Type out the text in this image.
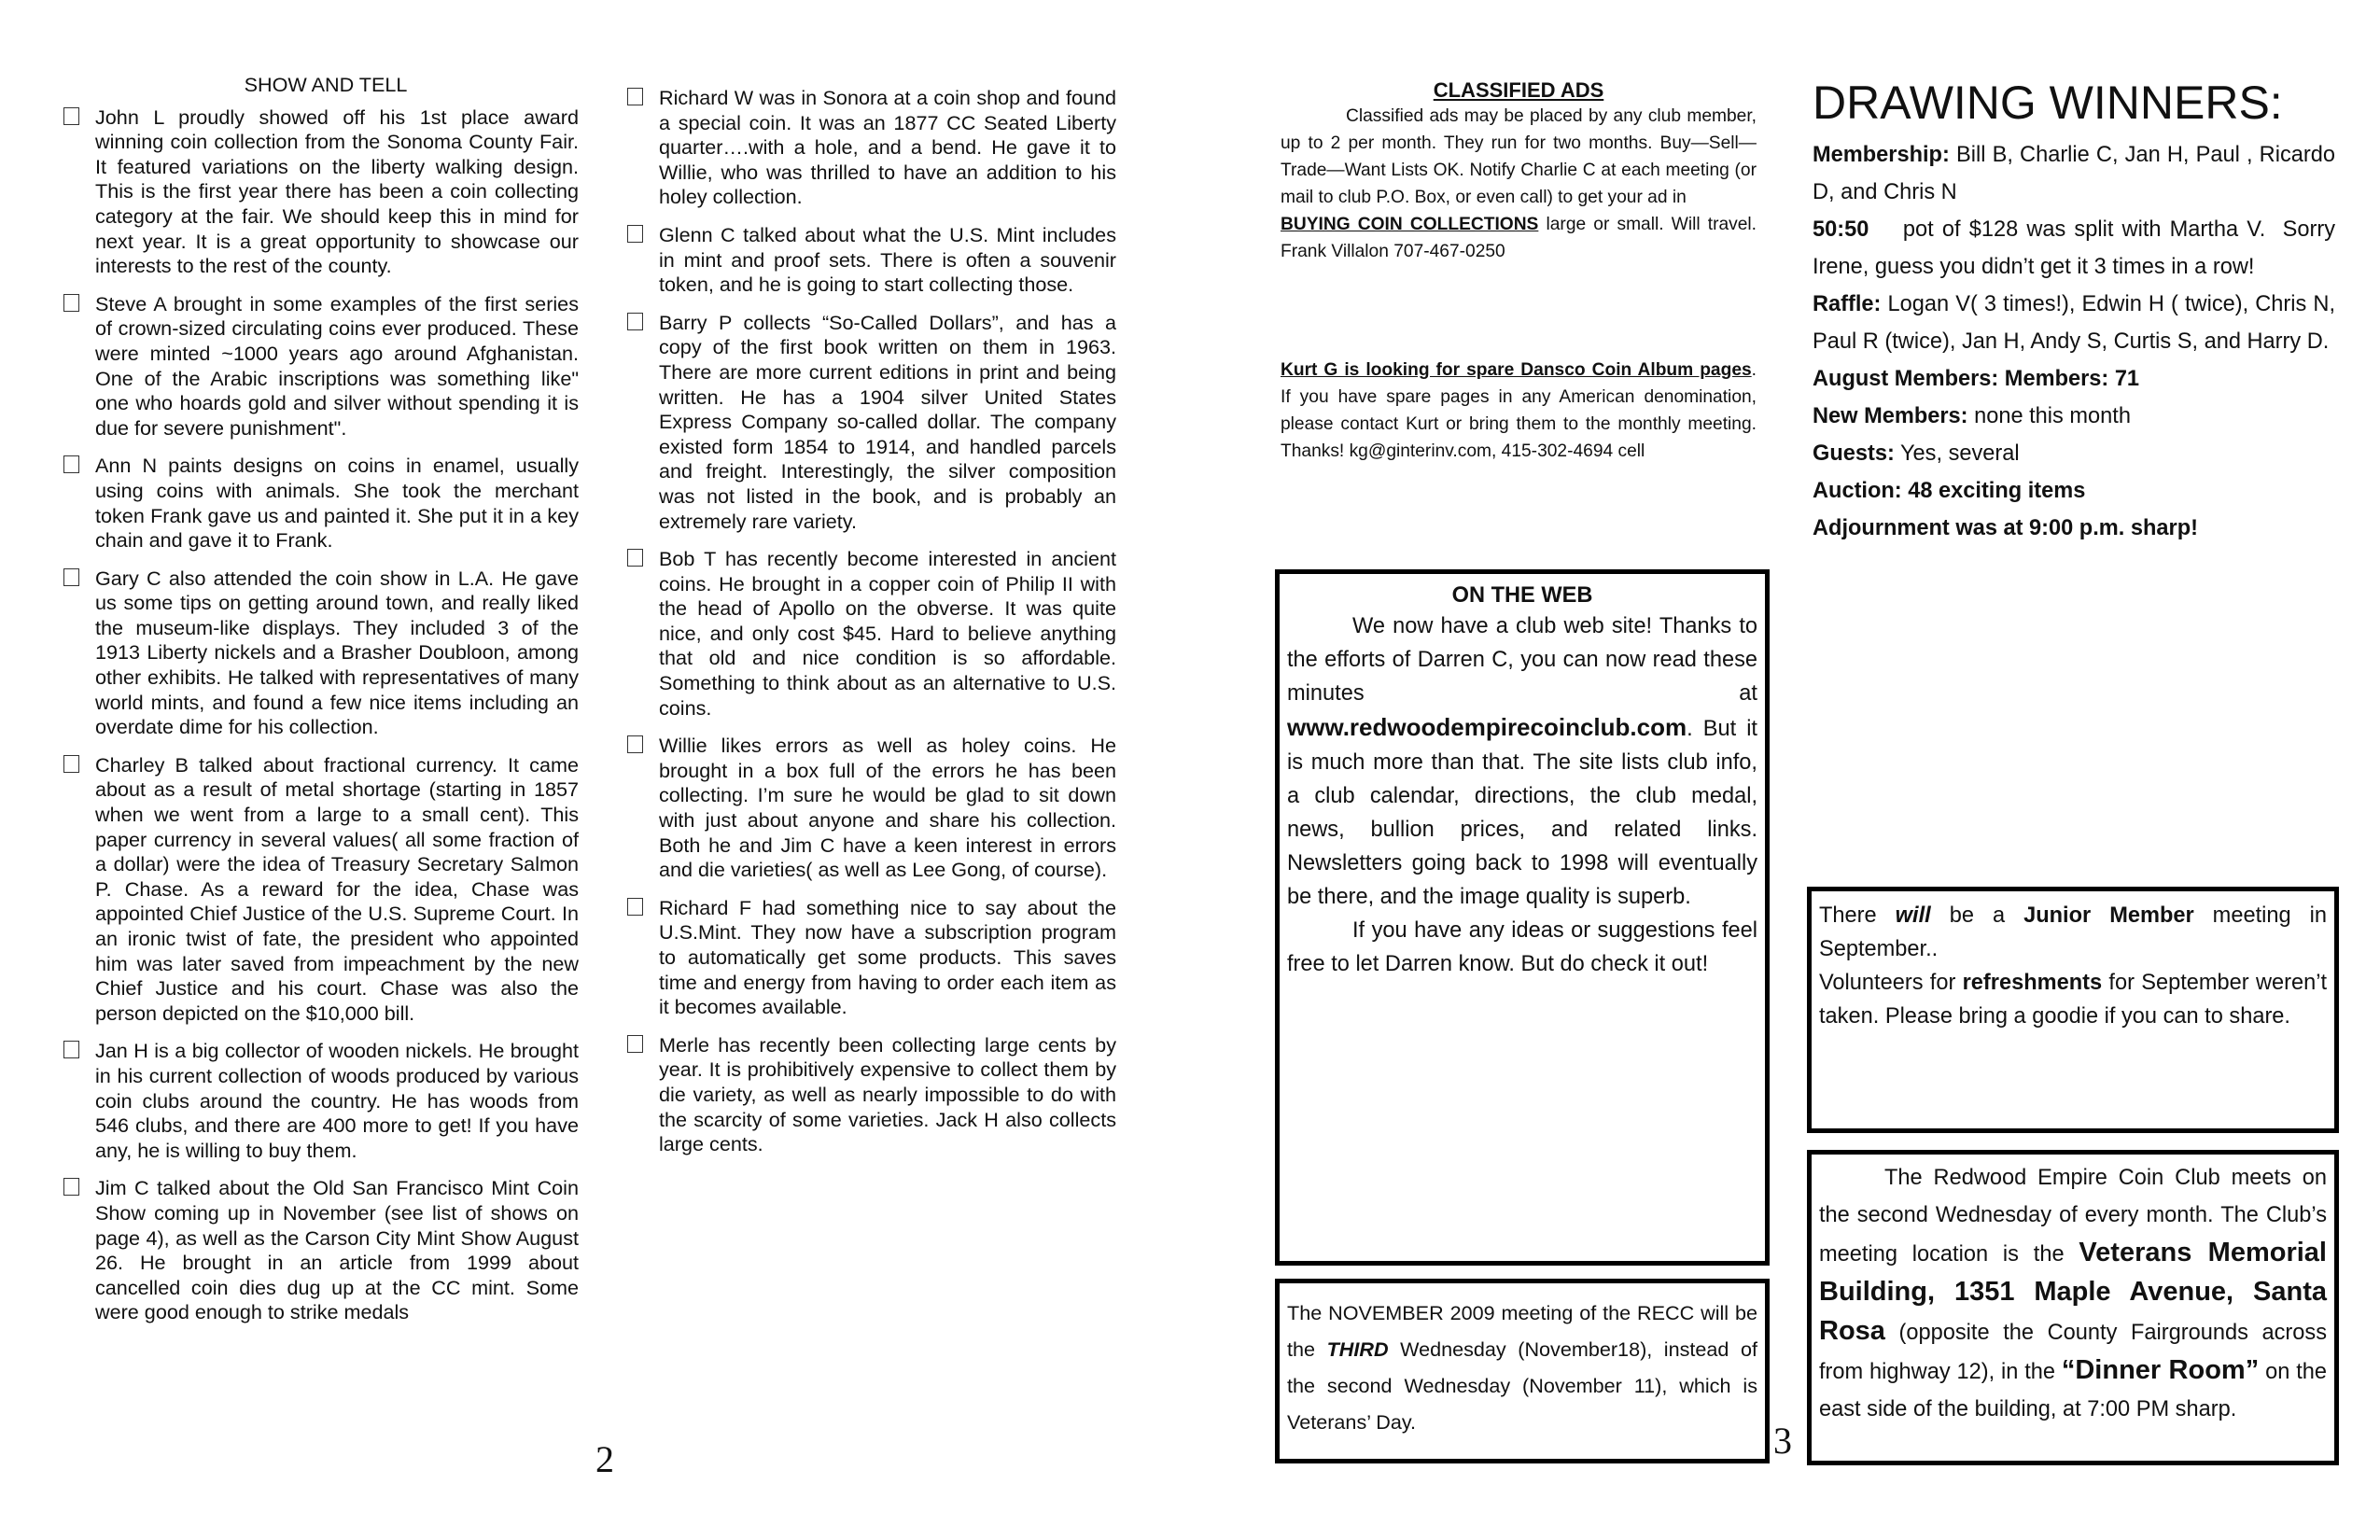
SHOW AND TELL
John L proudly showed off his 1st place award winning coin collection from the Sonoma County Fair. It featured variations on the liberty walking design. This is the first year there has been a coin collecting category at the fair. We should keep this in mind for next year. It is a great opportunity to showcase our interests to the rest of the county.
Steve A brought in some examples of the first series of crown-sized circulating coins ever produced. These were minted ~1000 years ago around Afghanistan. One of the Arabic inscriptions was something like" one who hoards gold and silver without spending it is due for severe punishment".
Ann N paints designs on coins in enamel, usually using coins with animals. She took the merchant token Frank gave us and painted it. She put it in a key chain and gave it to Frank.
Gary C also attended the coin show in L.A. He gave us some tips on getting around town, and really liked the museum-like displays. They included 3 of the 1913 Liberty nickels and a Brasher Doubloon, among other exhibits. He talked with representatives of many world mints, and found a few nice items including an overdate dime for his collection.
Charley B talked about fractional currency. It came about as a result of metal shortage (starting in 1857 when we went from a large to a small cent). This paper currency in several values( all some fraction of a dollar) were the idea of Treasury Secretary Salmon P. Chase. As a reward for the idea, Chase was appointed Chief Justice of the U.S. Supreme Court. In an ironic twist of fate, the president who appointed him was later saved from impeachment by the new Chief Justice and his court. Chase was also the person depicted on the $10,000 bill.
Jan H is a big collector of wooden nickels. He brought in his current collection of woods produced by various coin clubs around the country. He has woods from 546 clubs, and there are 400 more to get! If you have any, he is willing to buy them.
Jim C talked about the Old San Francisco Mint Coin Show coming up in November (see list of shows on page 4), as well as the Carson City Mint Show August 26. He brought in an article from 1999 about cancelled coin dies dug up at the CC mint. Some were good enough to strike medals
Richard W was in Sonora at a coin shop and found a special coin. It was an 1877 CC Seated Liberty quarter….with a hole, and a bend. He gave it to Willie, who was thrilled to have an addition to his holey collection.
Glenn C talked about what the U.S. Mint includes in mint and proof sets. There is often a souvenir token, and he is going to start collecting those.
Barry P collects “So-Called Dollars”, and has a copy of the first book written on them in 1963. There are more current editions in print and being written. He has a 1904 silver United States Express Company so-called dollar. The company existed form 1854 to 1914, and handled parcels and freight. Interestingly, the silver composition was not listed in the book, and is probably an extremely rare variety.
Bob T has recently become interested in ancient coins. He brought in a copper coin of Philip II with the head of Apollo on the obverse. It was quite nice, and only cost $45. Hard to believe anything that old and nice condition is so affordable. Something to think about as an alternative to U.S. coins.
Willie likes errors as well as holey coins. He brought in a box full of the errors he has been collecting. I’m sure he would be glad to sit down with just about anyone and share his collection. Both he and Jim C have a keen interest in errors and die varieties( as well as Lee Gong, of course).
Richard F had something nice to say about the U.S.Mint. They now have a subscription program to automatically get some products. This saves time and energy from having to order each item as it becomes available.
Merle has recently been collecting large cents by year. It is prohibitively expensive to collect them by die variety, as well as nearly impossible to do with the scarcity of some varieties. Jack H also collects large cents.
2
CLASSIFIED ADS
Classified ads may be placed by any club member, up to 2 per month. They run for two months. Buy—Sell—Trade—Want Lists OK. Notify Charlie C at each meeting (or mail to club P.O. Box, or even call) to get your ad in
BUYING COIN COLLECTIONS large or small. Will travel. Frank Villalon 707-467-0250
Kurt G is looking for spare Dansco Coin Album pages. If you have spare pages in any American denomination, please contact Kurt or bring them to the monthly meeting. Thanks! kg@ginterinv.com, 415-302-4694 cell
ON THE WEB
We now have a club web site! Thanks to the efforts of Darren C, you can now read these minutes at www.redwoodempirecoinclub.com. But it is much more than that. The site lists club info, a club calendar, directions, the club medal, news, bullion prices, and related links. Newsletters going back to 1998 will eventually be there, and the image quality is superb.
If you have any ideas or suggestions feel free to let Darren know. But do check it out!
The NOVEMBER 2009 meeting of the RECC will be the THIRD Wednesday (November18), instead of the second Wednesday (November 11), which is Veterans’ Day.	3
DRAWING WINNERS:
Membership: Bill B, Charlie C, Jan H, Paul , Ricardo D, and Chris N
50:50    pot of $128 was split with Martha V.  Sorry Irene, guess you didn’t get it 3 times in a row!
Raffle: Logan V( 3 times!), Edwin H ( twice), Chris N, Paul R (twice), Jan H, Andy S, Curtis S, and Harry D.
August Members: Members: 71
New Members: none this month
Guests: Yes, several
Auction: 48 exciting items
Adjournment was at 9:00 p.m. sharp!
There will be a Junior Member meeting in September..
Volunteers for refreshments for September weren’t taken. Please bring a goodie if you can to share.
The Redwood Empire Coin Club meets on the second Wednesday of every month. The Club’s meeting location is the Veterans Memorial Building, 1351 Maple Avenue, Santa Rosa (opposite the County Fairgrounds across from highway 12), in the “Dinner Room” on the east side of the building, at 7:00 PM sharp.
